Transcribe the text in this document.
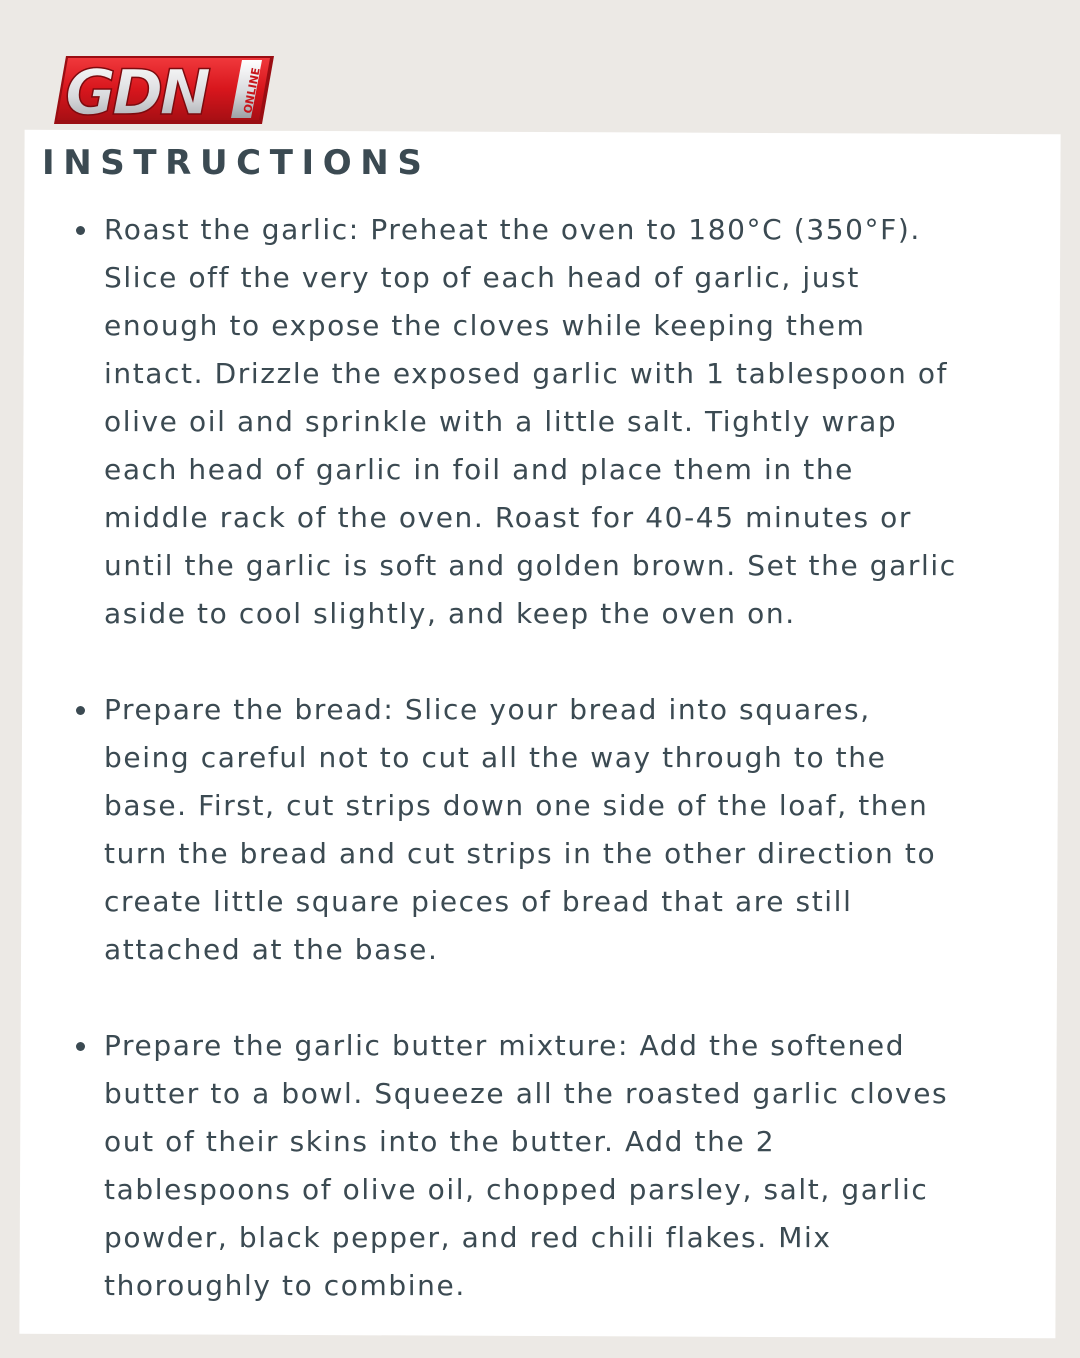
GDN	ONLINE
INSTRUCTIONS
Roast the garlic: Preheat the oven to 180°C (350°F).
Slice off the very top of each head of garlic, just
enough to expose the cloves while keeping them
intact. Drizzle the exposed garlic with 1 tablespoon of
olive oil and sprinkle with a little salt. Tightly wrap
each head of garlic in foil and place them in the
middle rack of the oven. Roast for 40-45 minutes or
until the garlic is soft and golden brown. Set the garlic
aside to cool slightly, and keep the oven on.
Prepare the bread: Slice your bread into squares,
being careful not to cut all the way through to the
base. First, cut strips down one side of the loaf, then
turn the bread and cut strips in the other direction to
create little square pieces of bread that are still
attached at the base.
Prepare the garlic butter mixture: Add the softened
butter to a bowl. Squeeze all the roasted garlic cloves
out of their skins into the butter. Add the 2
tablespoons of olive oil, chopped parsley, salt, garlic
powder, black pepper, and red chili flakes. Mix
thoroughly to combine.
